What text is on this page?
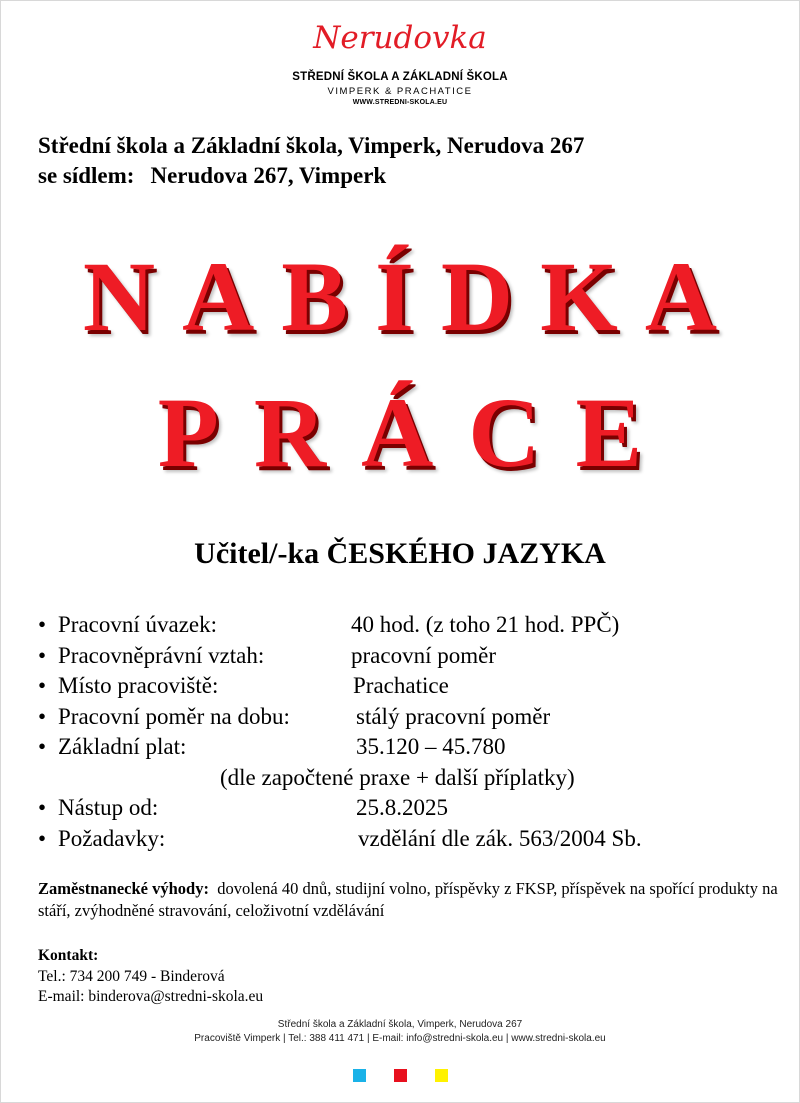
Nerudovka
STŘEDNÍ ŠKOLA A ZÁKLADNÍ ŠKOLA
VIMPERK & PRACHATICE
WWW.STREDNI-SKOLA.EU
Střední škola a Základní škola, Vimperk, Nerudova 267
se sídlem: Nerudova 267, Vimperk
NABÍDKA
PRÁCE
Učitel/-ka ČESKÉHO JAZYKA
• Pracovní úvazek:	40 hod. (z toho 21 hod. PPČ)
• Pracovněprávní vztah:	pracovní poměr
• Místo pracoviště:	Prachatice
• Pracovní poměr na dobu:	stálý pracovní poměr
• Základní plat:	35.120 – 45.780
(dle započtené praxe + další příplatky)
• Nástup od:	25.8.2025
• Požadavky:	vzdělání dle zák. 563/2004 Sb.
Zaměstnanecké výhody: dovolená 40 dnů, studijní volno, příspěvky z FKSP, příspěvek na spořící produkty na stáří, zvýhodněné stravování, celoživotní vzdělávání
Kontakt:
Tel.: 734 200 749 - Binderová
E-mail: binderova@stredni-skola.eu
Střední škola a Základní škola, Vimperk, Nerudova 267
Pracoviště Vimperk | Tel.: 388 411 471 | E-mail: info@stredni-skola.eu | www.stredni-skola.eu
